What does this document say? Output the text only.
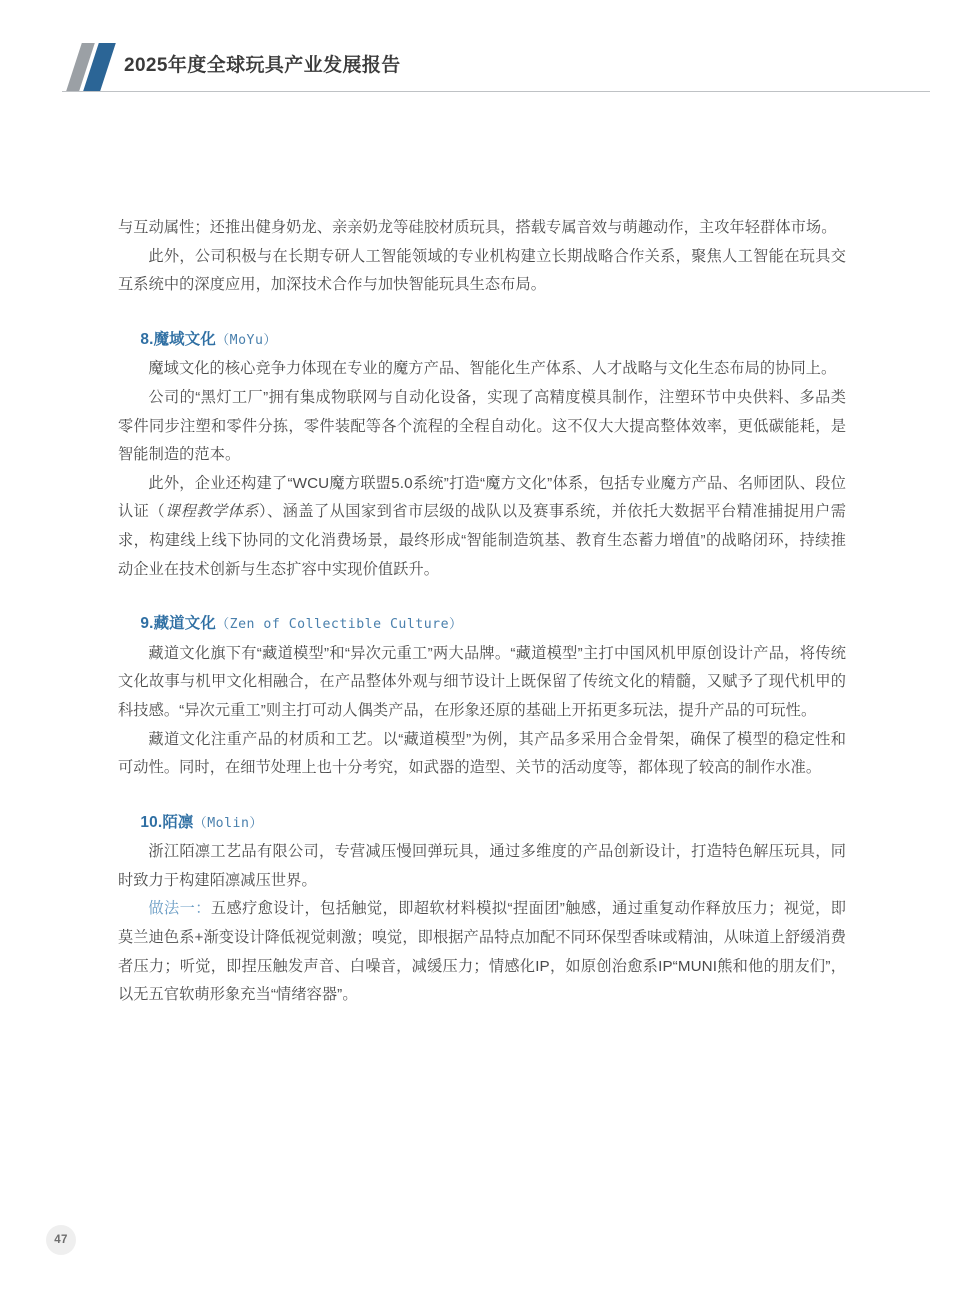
2025年度全球玩具产业发展报告

与互动属性；还推出健身奶龙、亲亲奶龙等硅胶材质玩具，搭载专属音效与萌趣动作，主攻年轻群体市场。

此外，公司积极与在长期专研人工智能领域的专业机构建立长期战略合作关系，聚焦人工智能在玩具交互系统中的深度应用，加深技术合作与加快智能玩具生态布局。

8.魔域文化（MoYu）

魔域文化的核心竞争力体现在专业的魔方产品、智能化生产体系、人才战略与文化生态布局的协同上。

公司的“黑灯工厂”拥有集成物联网与自动化设备，实现了高精度模具制作，注塑环节中央供料、多品类零件同步注塑和零件分拣，零件装配等各个流程的全程自动化。这不仅大大提高整体效率，更低碳能耗，是智能制造的范本。

此外，企业还构建了“WCU魔方联盟5.0系统”打造“魔方文化”体系，包括专业魔方产品、名师团队、段位认证（课程教学体系）、涵盖了从国家到省市层级的战队以及赛事系统，并依托大数据平台精准捕捉用户需求，构建线上线下协同的文化消费场景，最终形成“智能制造筑基、教育生态蓄力增值”的战略闭环，持续推动企业在技术创新与生态扩容中实现价值跃升。

9.藏道文化（Zen of Collectible Culture）

藏道文化旗下有“藏道模型”和“异次元重工”两大品牌。“藏道模型”主打中国风机甲原创设计产品，将传统文化故事与机甲文化相融合，在产品整体外观与细节设计上既保留了传统文化的精髓，又赋予了现代机甲的科技感。“异次元重工”则主打可动人偶类产品，在形象还原的基础上开拓更多玩法，提升产品的可玩性。

藏道文化注重产品的材质和工艺。以“藏道模型”为例，其产品多采用合金骨架，确保了模型的稳定性和可动性。同时，在细节处理上也十分考究，如武器的造型、关节的活动度等，都体现了较高的制作水准。

10.陌凛（Molin）

浙江陌凛工艺品有限公司，专营减压慢回弹玩具，通过多维度的产品创新设计，打造特色解压玩具，同时致力于构建陌凛减压世界。

做法一：五感疗愈设计，包括触觉，即超软材料模拟“捏面团”触感，通过重复动作释放压力；视觉，即莫兰迪色系+渐变设计降低视觉刺激；嗅觉，即根据产品特点加配不同环保型香味或精油，从味道上舒缓消费者压力；听觉，即捏压触发声音、白噪音，减缓压力；情感化IP，如原创治愈系IP“MUNI熊和他的朋友们”，以无五官软萌形象充当“情绪容器”。

47
